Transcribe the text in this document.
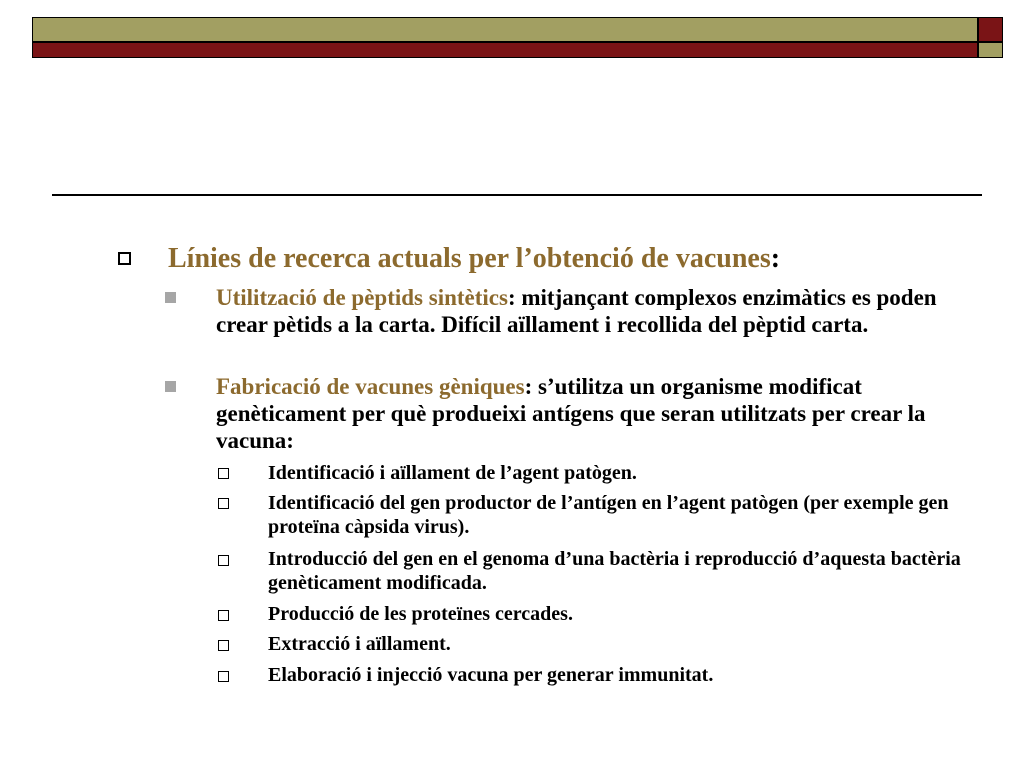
Línies de recerca actuals per l’obtenció de vacunes:
Utilització de pèptids sintètics: mitjançant complexos enzimàtics es poden crear pètids a la carta. Difícil aïllament i recollida del pèptid carta.
Fabricació de vacunes gèniques: s’utilitza un organisme modificat genèticament per què produeixi antígens que seran utilitzats per crear la vacuna:
Identificació i aïllament de l’agent patògen.
Identificació del gen productor de l’antígen en l’agent patògen (per exemple gen proteïna càpsida virus).
Introducció del gen en el genoma d’una bactèria i reproducció d’aquesta bactèria genèticament modificada.
Producció de les proteïnes cercades.
Extracció i aïllament.
Elaboració i injecció vacuna per generar immunitat.
